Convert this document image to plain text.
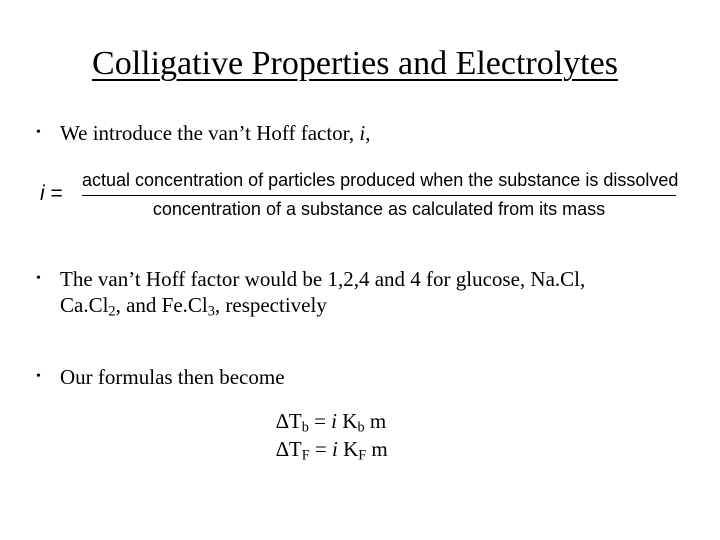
Colligative Properties and Electrolytes
• We introduce the van’t Hoff factor, i,
i =
actual concentration of particles produced when the substance is dissolved
concentration of a substance as calculated from its mass
• The van’t Hoff factor would be 1,2,4 and 4 for glucose, Na.Cl,
$Ca.Cl_2$, and $Fe.Cl_3$, respectively
• Our formulas then become
$\Delta T_b = i$ $K_b$ m
$\Delta T_F = i$ $K_F$ m
